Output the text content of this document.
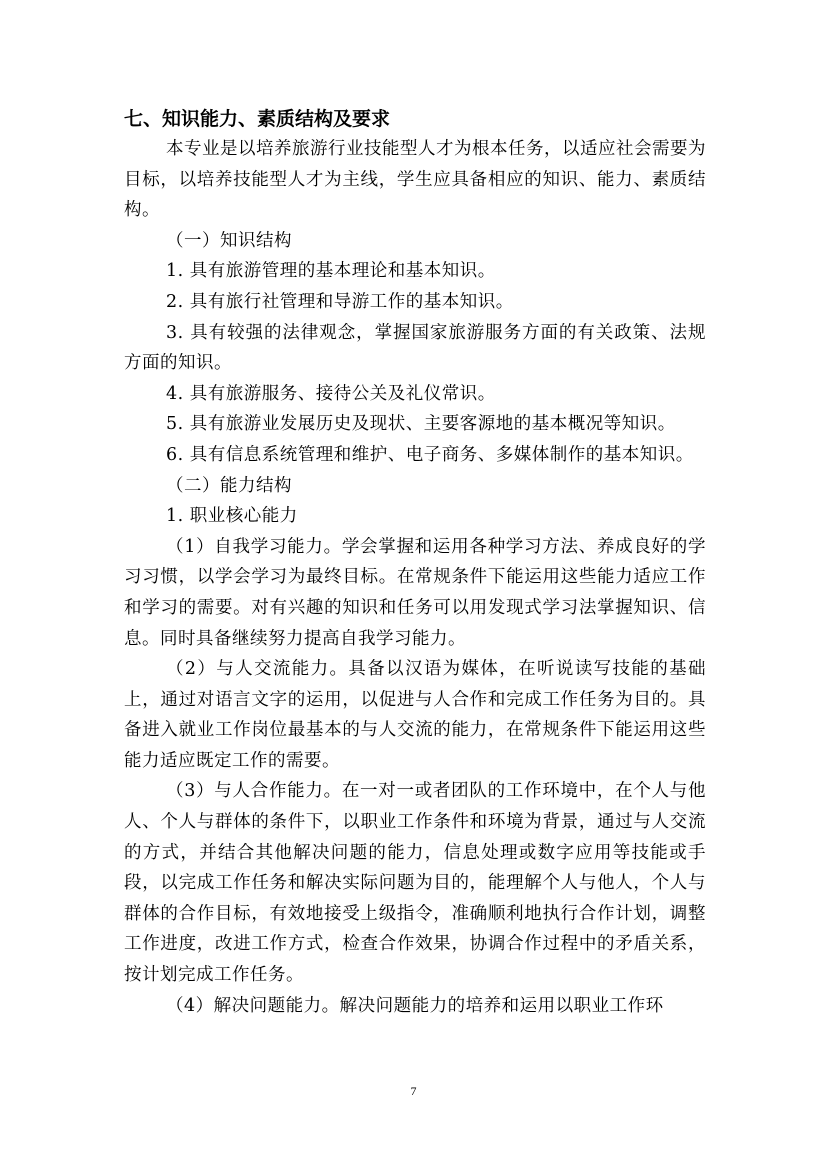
七、知识能力、素质结构及要求

本专业是以培养旅游行业技能型人才为根本任务，以适应社会需要为目标，以培养技能型人才为主线，学生应具备相应的知识、能力、素质结构。

（一）知识结构

1. 具有旅游管理的基本理论和基本知识。

2. 具有旅行社管理和导游工作的基本知识。

3. 具有较强的法律观念，掌握国家旅游服务方面的有关政策、法规方面的知识。

4. 具有旅游服务、接待公关及礼仪常识。

5. 具有旅游业发展历史及现状、主要客源地的基本概况等知识。

6. 具有信息系统管理和维护、电子商务、多媒体制作的基本知识。

（二）能力结构

1. 职业核心能力

（1）自我学习能力。学会掌握和运用各种学习方法、养成良好的学习习惯，以学会学习为最终目标。在常规条件下能运用这些能力适应工作和学习的需要。对有兴趣的知识和任务可以用发现式学习法掌握知识、信息。同时具备继续努力提高自我学习能力。

（2）与人交流能力。具备以汉语为媒体，在听说读写技能的基础上，通过对语言文字的运用，以促进与人合作和完成工作任务为目的。具备进入就业工作岗位最基本的与人交流的能力，在常规条件下能运用这些能力适应既定工作的需要。

（3）与人合作能力。在一对一或者团队的工作环境中，在个人与他人、个人与群体的条件下，以职业工作条件和环境为背景，通过与人交流的方式，并结合其他解决问题的能力，信息处理或数字应用等技能或手段，以完成工作任务和解决实际问题为目的，能理解个人与他人，个人与群体的合作目标，有效地接受上级指令，准确顺利地执行合作计划，调整工作进度，改进工作方式，检查合作效果，协调合作过程中的矛盾关系，按计划完成工作任务。

（4）解决问题能力。解决问题能力的培养和运用以职业工作环

7
